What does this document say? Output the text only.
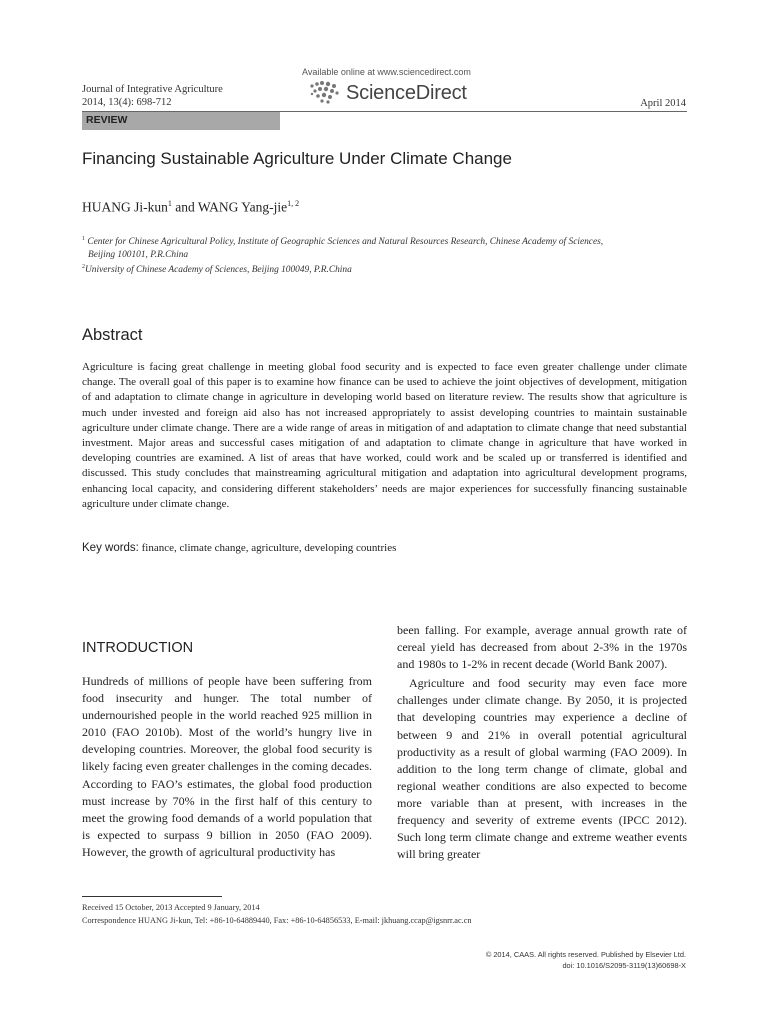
Journal of Integrative Agriculture
2014, 13(4): 698-712
Available online at www.sciencedirect.com
ScienceDirect	April 2014
REVIEW
Financing Sustainable Agriculture Under Climate Change
HUANG Ji-kun$^1$ and WANG Yang-jie$^{1, 2}$
$^1$ Center for Chinese Agricultural Policy, Institute of Geographic Sciences and Natural Resources Research, Chinese Academy of Sciences,
Beijing 100101, P.R.China
$^2$University of Chinese Academy of Sciences, Beijing 100049, P.R.China
Abstract
Agriculture is facing great challenge in meeting global food security and is expected to face even greater challenge under climate change. The overall goal of this paper is to examine how finance can be used to achieve the joint objectives of development, mitigation of and adaptation to climate change in agriculture in developing world based on literature review. The results show that agriculture is much under invested and foreign aid also has not increased appropriately to assist developing countries to maintain sustainable agriculture under climate change. There are a wide range of areas in mitigation of and adaptation to climate change that need substantial investment. Major areas and successful cases mitigation of and adaptation to climate change in agriculture that have worked in developing countries are examined. A list of areas that have worked, could work and be scaled up or transferred is identified and discussed. This study concludes that mainstreaming agricultural mitigation and adaptation into agricultural development programs, enhancing local capacity, and considering different stakeholders’ needs are major experiences for successfully financing sustainable agriculture under climate change.
Key words: finance, climate change, agriculture, developing countries
INTRODUCTION

Hundreds of millions of people have been suffering from food insecurity and hunger. The total number of undernourished people in the world reached 925 million in 2010 (FAO 2010b). Most of the world’s hungry live in developing countries. Moreover, the global food security is likely facing even greater challenges in the coming decades. According to FAO’s estimates, the global food production must increase by 70% in the first half of this century to meet the growing food demands of a world population that is expected to surpass 9 billion in 2050 (FAO 2009). However, the growth of agricultural productivity has

been falling. For example, average annual growth rate of cereal yield has decreased from about 2-3% in the 1970s and 1980s to 1-2% in recent decade (World Bank 2007).

Agriculture and food security may even face more challenges under climate change. By 2050, it is projected that developing countries may experience a decline of between 9 and 21% in overall potential agricultural productivity as a result of global warming (FAO 2009). In addition to the long term change of climate, global and regional weather conditions are also expected to become more variable than at present, with increases in the frequency and severity of extreme events (IPCC 2012). Such long term climate change and extreme weather events will bring greater

Received 15 October, 2013 Accepted 9 January, 2014
Correspondence HUANG Ji-kun, Tel: +86-10-64889440, Fax: +86-10-64856533, E-mail: jkhuang.ccap@igsnrr.ac.cn
© 2014, CAAS. All rights reserved. Published by Elsevier Ltd.
doi: 10.1016/S2095-3119(13)60698-X
